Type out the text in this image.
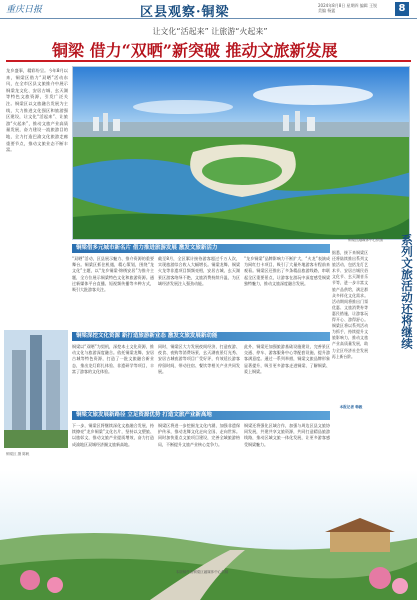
重庆日报	区县观察·铜梁	2024年8月8日 星期四 编辑 王锐 美编 杨猛	8
让文化“活起来” 让旅游“火起来”
铜梁 借力“双晒”新突破 推动文旅新发展
龙乡盛事，精彩纷呈。今年8月以来，铜梁区借力“双晒”活动东风，在全市区县文旅推介中展示铜梁龙文化、安居古城、玄天湖等特色文旅资源，引发广泛关注。铜梁区以文旅融合发展为主线，大力推进文化强区和旅游强区建设，让文化“活起来”、让旅游“火起来”，推动文旅产业高质量发展，奋力建设一流旅游目的地，全力打造巴渝文化旅游走廊重要节点，推动文旅业态不断丰富。
铜梁区融媒体中心供图
铜梁区 摄 陈帆
铜梁借多元城市新名片 借力推进旅游发展 激发文旅新活力
“双晒”活动，区县展示魅力、推介资源的重要舞台。铜梁区抓住机遇，精心策划，围绕“龙文化”主题，以“龙乡铜梁·锦绣安居”为推介主题，全方位展示铜梁特色文化和旅游资源。通过新媒体平台直播、短视频传播等多种方式，吸引大批游客关注。
截至8月，全区累计接待游客超过千万人次，实现旅游综合收入大幅增长。铜梁龙舞、铜梁火龙等非遗项目频频亮相，安居古城、玄天湖景区游客络绎不绝，文旅消费持续升温，为区域经济发展注入强劲动能。
“龙乡铜梁”品牌影响力不断扩大，“火龙”表演成为网红打卡项目，吸引了大量外地游客专程前来观看。铜梁区还推出了多条精品旅游线路，串联起全区重要景点，让游客在游玩中深度感受铜梁独特魅力，推动文旅深度融合发展。
铜梁深挖文化资源 新打造旅游新业态 激发文旅发展新动能
铜梁以“双晒”为契机，深挖本土文化资源，推动文化与旅游深度融合。依托铜梁龙舞、安居古城等特色资源，打造了一批文旅融合新业态，推出龙灯彩扎体验、非遗研学等项目，丰富了游客的文化体验。
同时，铜梁区大力发展夜间经济，打造夜游、夜食、夜购等消费场景，玄天湖夜景灯光秀、安居古城夜游等项目广受好评，有效延长游客停留时间，带动住宿、餐饮等相关产业共同发展。
此外，铜梁还加强旅游基础设施建设，完善景区交通、停车、游客服务中心等配套设施，提升游客满意度。通过一系列举措，铜梁文旅品牌形象显著提升，吸引更多游客走进铜梁、了解铜梁、爱上铜梁。
铜梁文旅发展新路径 立足资源优势 打造文旅产业新高地
下一步，铜梁区将继续深化文旅融合发展，持续擦亮“龙乡铜梁”文化名片，坚持以文塑旅、以旅彰文，推动文旅产业提质增效，奋力打造成渝地区双城经济圈文旅新高地。
铜梁区将进一步挖掘龙文化内涵，加强非遗保护传承，推动龙舞文化走向全国、走向世界。同时加快重点文旅项目建设，完善全域旅游格局，不断提升文旅产业核心竞争力。
铜梁还将强化区域合作，加强与周边区县文旅协同发展，共建共享文旅资源，共同打造精品旅游线路，推动区域文旅一体化发展，让更多游客感受铜梁魅力。
系列文旅活动还将继续
据悉，接下来铜梁区还将陆续推出系列文旅活动，包括龙灯艺术节、安居古城民俗文化节、玄天湖音乐节等，进一步丰富文旅产品供给，满足群众多样化文化需求。活动期间将推出门票优惠、文旅消费券等惠民措施，让游客玩得开心、游得舒心。铜梁区将以系列活动为抓手，持续提升文旅影响力，推动文旅产业高质量发展，助力全区经济社会发展再上新台阶。
本报记者 韩毅
本版稿件由铜梁区融媒体中心供稿
